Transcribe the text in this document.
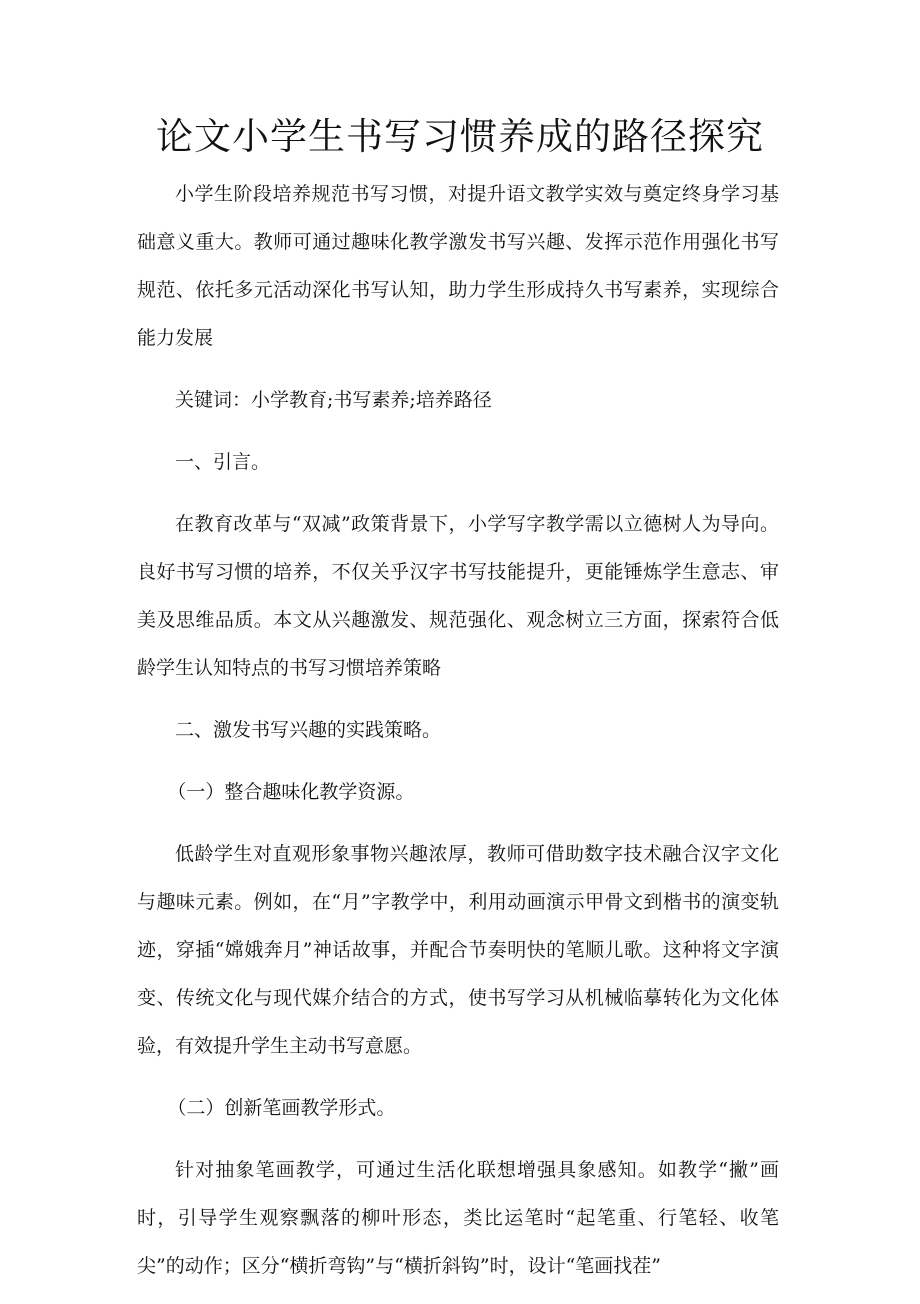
论文小学生书写习惯养成的路径探究

小学生阶段培养规范书写习惯，对提升语文教学实效与奠定终身学习基础意义重大。教师可通过趣味化教学激发书写兴趣、发挥示范作用强化书写规范、依托多元活动深化书写认知，助力学生形成持久书写素养，实现综合能力发展

关键词：小学教育;书写素养;培养路径

一、引言。

在教育改革与“双减”政策背景下，小学写字教学需以立德树人为导向。良好书写习惯的培养，不仅关乎汉字书写技能提升，更能锤炼学生意志、审美及思维品质。本文从兴趣激发、规范强化、观念树立三方面，探索符合低龄学生认知特点的书写习惯培养策略

二、激发书写兴趣的实践策略。

（一）整合趣味化教学资源。

低龄学生对直观形象事物兴趣浓厚，教师可借助数字技术融合汉字文化与趣味元素。例如，在“月”字教学中，利用动画演示甲骨文到楷书的演变轨迹，穿插“嫦娥奔月”神话故事，并配合节奏明快的笔顺儿歌。这种将文字演变、传统文化与现代媒介结合的方式，使书写学习从机械临摹转化为文化体验，有效提升学生主动书写意愿。

（二）创新笔画教学形式。

针对抽象笔画教学，可通过生活化联想增强具象感知。如教学“撇”画时，引导学生观察飘落的柳叶形态，类比运笔时“起笔重、行笔轻、收笔尖”的动作；区分“横折弯钩”与“横折斜钩”时，设计“笔画找茬”
